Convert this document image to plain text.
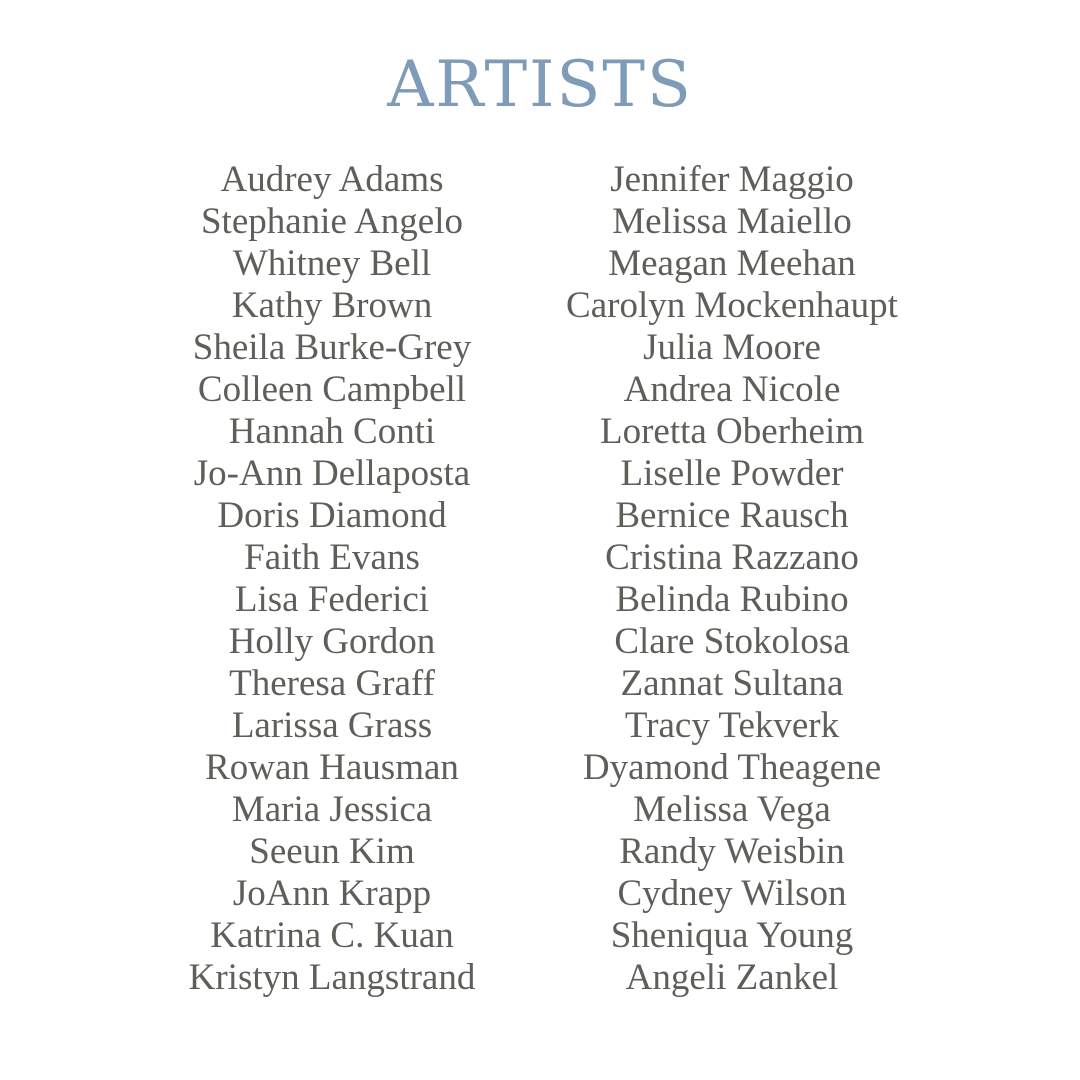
ARTISTS
Audrey Adams
Stephanie Angelo
Whitney Bell
Kathy Brown
Sheila Burke-Grey
Colleen Campbell
Hannah Conti
Jo-Ann Dellaposta
Doris Diamond
Faith Evans
Lisa Federici
Holly Gordon
Theresa Graff
Larissa Grass
Rowan Hausman
Maria Jessica
Seeun Kim
JoAnn Krapp
Katrina C. Kuan
Kristyn Langstrand
Jennifer Maggio
Melissa Maiello
Meagan Meehan
Carolyn Mockenhaupt
Julia Moore
Andrea Nicole
Loretta Oberheim
Liselle Powder
Bernice Rausch
Cristina Razzano
Belinda Rubino
Clare Stokolosa
Zannat Sultana
Tracy Tekverk
Dyamond Theagene
Melissa Vega
Randy Weisbin
Cydney Wilson
Sheniqua Young
Angeli Zankel
